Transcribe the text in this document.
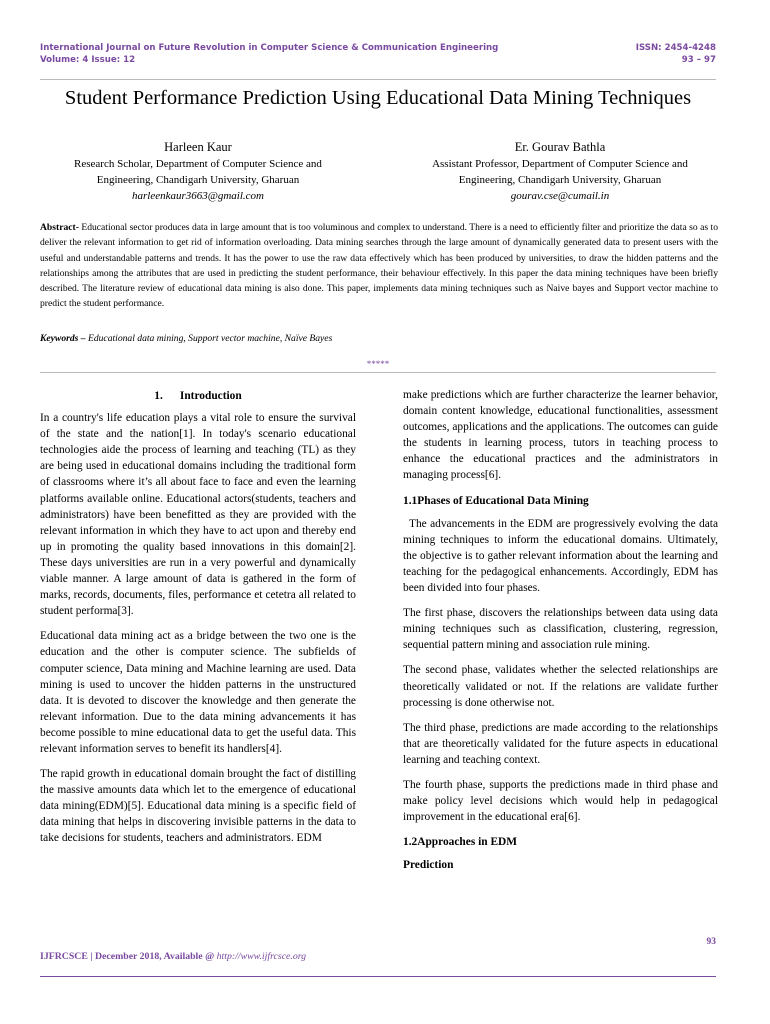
International Journal on Future Revolution in Computer Science & Communication Engineering
Volume: 4 Issue: 12
ISSN: 2454-4248
93 – 97
Student Performance Prediction Using Educational Data Mining Techniques
Harleen Kaur
Research Scholar, Department of Computer Science and
Engineering, Chandigarh University, Gharuan
harleenkaur3663@gmail.com
Er. Gourav Bathla
Assistant Professor, Department of Computer Science and
Engineering, Chandigarh University, Gharuan
gourav.cse@cumail.in
Abstract- Educational sector produces data in large amount that is too voluminous and complex to understand. There is a need to efficiently filter and prioritize the data so as to deliver the relevant information to get rid of information overloading. Data mining searches through the large amount of dynamically generated data to present users with the useful and understandable patterns and trends. It has the power to use the raw data effectively which has been produced by universities, to draw the hidden patterns and the relationships among the attributes that are used in predicting the student performance, their behaviour effectively. In this paper the data mining techniques have been briefly described. The literature review of educational data mining is also done. This paper, implements data mining techniques such as Naive bayes and Support vector machine to predict the student performance.
Keywords – Educational data mining, Support vector machine, Naïve Bayes
*****
1.      Introduction

In a country's life education plays a vital role to ensure the survival of the state and the nation[1]. In today's scenario educational technologies aide the process of learning and teaching (TL) as they are being used in educational domains including the traditional form of classrooms where it’s all about face to face and even the learning platforms available online. Educational actors(students, teachers and administrators) have been benefitted as they are provided with the relevant information in which they have to act upon and thereby end up in promoting the quality based innovations in this domain[2]. These days universities are run in a very powerful and dynamically viable manner. A large amount of data is gathered in the form of marks, records, documents, files, performance et cetetra all related to student performa[3].

Educational data mining act as a bridge between the two one is the education and the other is computer science. The subfields of computer science, Data mining and Machine learning are used. Data mining is used to uncover the hidden patterns in the unstructured data. It is devoted to discover the knowledge and then generate the relevant information. Due to the data mining advancements it has become possible to mine educational data to get the useful data. This relevant information serves to benefit its handlers[4].

The rapid growth in educational domain brought the fact of distilling the massive amounts data which let to the emergence of educational data mining(EDM)[5]. Educational data mining is a specific field of data mining that helps in discovering invisible patterns in the data to take decisions for students, teachers and administrators. EDM

make predictions which are further characterize the learner behavior, domain content knowledge, educational functionalities, assessment outcomes, applications and the applications. The outcomes can guide the students in learning process, tutors in teaching process to enhance the educational practices and the administrators in managing process[6].

1.1Phases of Educational Data Mining

The advancements in the EDM are progressively evolving the data mining techniques to inform the educational domains. Ultimately, the objective is to gather relevant information about the learning and teaching for the pedagogical enhancements. Accordingly, EDM has been divided into four phases.

The first phase, discovers the relationships between data using data mining techniques such as classification, clustering, regression, sequential pattern mining and association rule mining.

The second phase, validates whether the selected relationships are theoretically validated or not. If the relations are validate further processing is done otherwise not.

The third phase, predictions are made according to the relationships that are theoretically validated for the future aspects in educational learning and teaching context.

The fourth phase, supports the predictions made in third phase and make policy level decisions which would help in pedagogical improvement in the educational era[6].

1.2Approaches in EDM
Prediction
93
IJFRCSCE | December 2018, Available @ http://www.ijfrcsce.org
